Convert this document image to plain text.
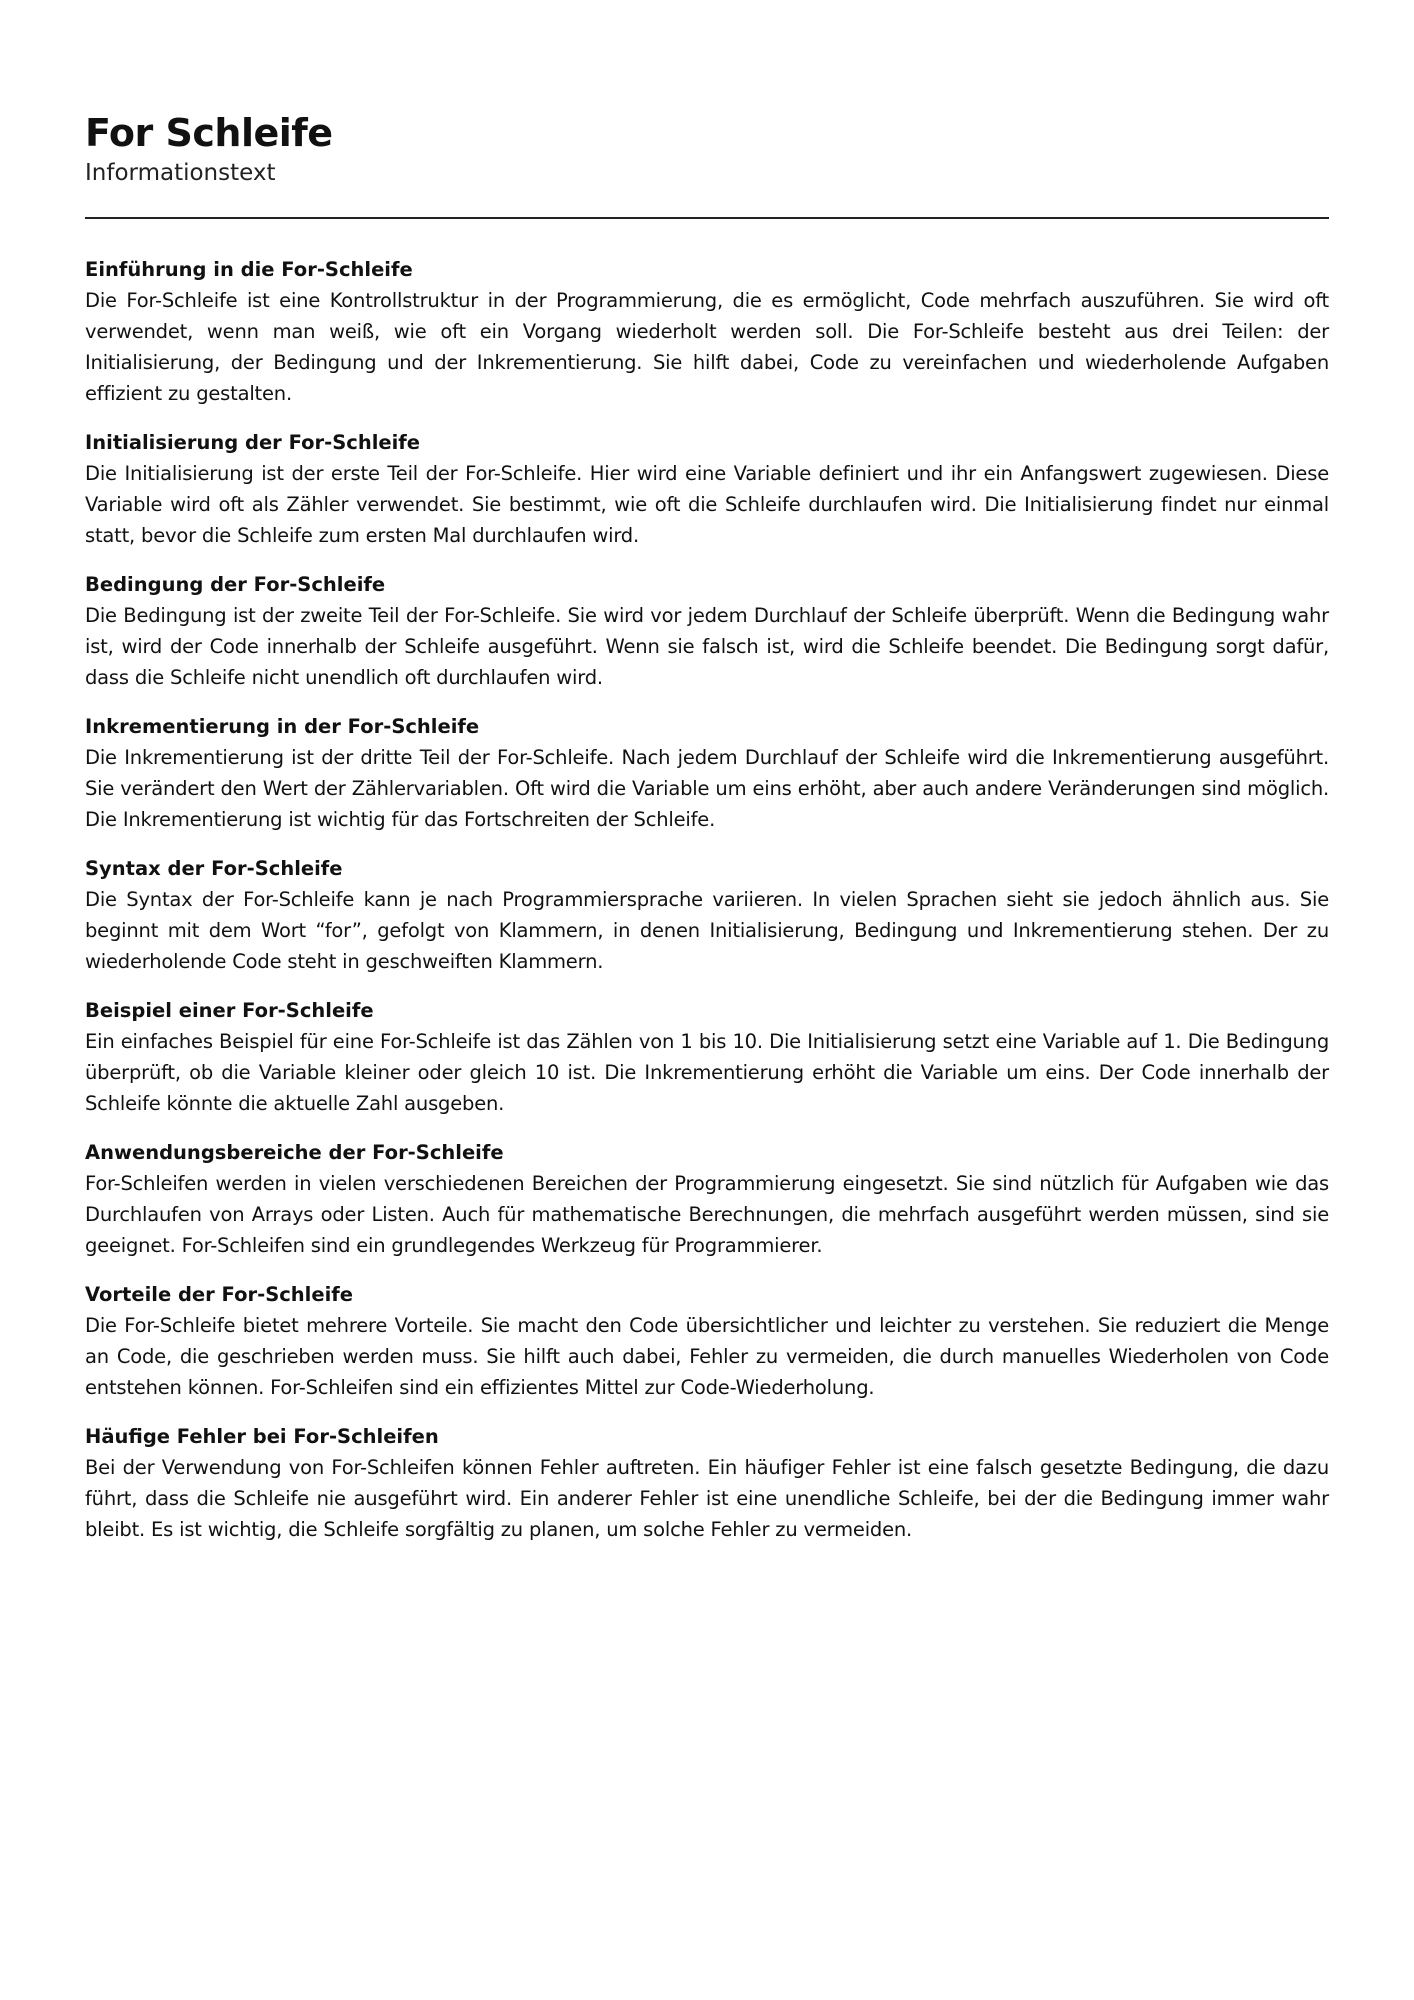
For Schleife
Informationstext
Einführung in die For-Schleife

Die For-Schleife ist eine Kontrollstruktur in der Programmierung, die es ermöglicht, Code mehrfach auszuführen. Sie wird oft verwendet, wenn man weiß, wie oft ein Vorgang wiederholt werden soll. Die For-Schleife besteht aus drei Teilen: der Initialisierung, der Bedingung und der Inkrementierung. Sie hilft dabei, Code zu vereinfachen und wiederholende Aufgaben effizient zu gestalten.

Initialisierung der For-Schleife

Die Initialisierung ist der erste Teil der For-Schleife. Hier wird eine Variable definiert und ihr ein Anfangswert zugewiesen. Diese Variable wird oft als Zähler verwendet. Sie bestimmt, wie oft die Schleife durchlaufen wird. Die Initialisierung findet nur einmal statt, bevor die Schleife zum ersten Mal durchlaufen wird.

Bedingung der For-Schleife

Die Bedingung ist der zweite Teil der For-Schleife. Sie wird vor jedem Durchlauf der Schleife überprüft. Wenn die Bedingung wahr ist, wird der Code innerhalb der Schleife ausgeführt. Wenn sie falsch ist, wird die Schleife beendet. Die Bedingung sorgt dafür, dass die Schleife nicht unendlich oft durchlaufen wird.

Inkrementierung in der For-Schleife

Die Inkrementierung ist der dritte Teil der For-Schleife. Nach jedem Durchlauf der Schleife wird die Inkrementierung ausgeführt. Sie verändert den Wert der Zählervariablen. Oft wird die Variable um eins erhöht, aber auch andere Veränderungen sind möglich. Die Inkrementierung ist wichtig für das Fortschreiten der Schleife.

Syntax der For-Schleife

Die Syntax der For-Schleife kann je nach Programmiersprache variieren. In vielen Sprachen sieht sie jedoch ähnlich aus. Sie beginnt mit dem Wort “for”, gefolgt von Klammern, in denen Initialisierung, Bedingung und Inkrementierung stehen. Der zu wiederholende Code steht in geschweiften Klammern.

Beispiel einer For-Schleife

Ein einfaches Beispiel für eine For-Schleife ist das Zählen von 1 bis 10. Die Initialisierung setzt eine Variable auf 1. Die Bedingung überprüft, ob die Variable kleiner oder gleich 10 ist. Die Inkrementierung erhöht die Variable um eins. Der Code innerhalb der Schleife könnte die aktuelle Zahl ausgeben.

Anwendungsbereiche der For-Schleife

For-Schleifen werden in vielen verschiedenen Bereichen der Programmierung eingesetzt. Sie sind nützlich für Aufgaben wie das Durchlaufen von Arrays oder Listen. Auch für mathematische Berechnungen, die mehrfach ausgeführt werden müssen, sind sie geeignet. For-Schleifen sind ein grundlegendes Werkzeug für Programmierer.

Vorteile der For-Schleife

Die For-Schleife bietet mehrere Vorteile. Sie macht den Code übersichtlicher und leichter zu verstehen. Sie reduziert die Menge an Code, die geschrieben werden muss. Sie hilft auch dabei, Fehler zu vermeiden, die durch manuelles Wiederholen von Code entstehen können. For-Schleifen sind ein effizientes Mittel zur Code-Wiederholung.

Häufige Fehler bei For-Schleifen

Bei der Verwendung von For-Schleifen können Fehler auftreten. Ein häufiger Fehler ist eine falsch gesetzte Bedingung, die dazu führt, dass die Schleife nie ausgeführt wird. Ein anderer Fehler ist eine unendliche Schleife, bei der die Bedingung immer wahr bleibt. Es ist wichtig, die Schleife sorgfältig zu planen, um solche Fehler zu vermeiden.
